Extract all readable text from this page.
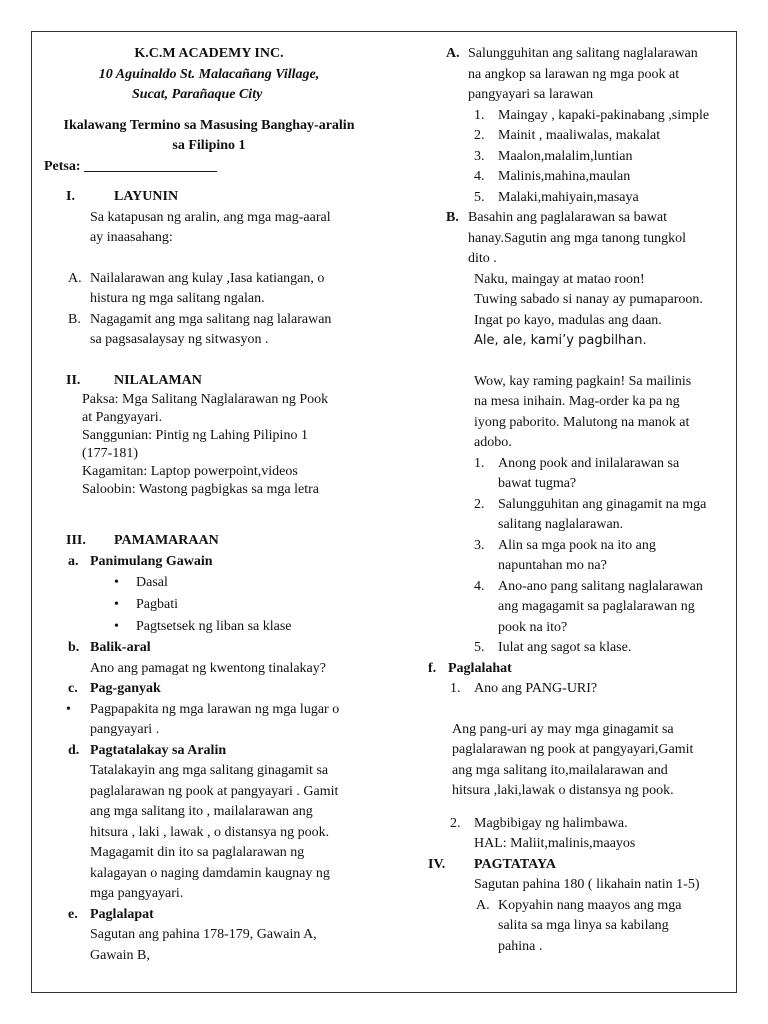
K.C.M ACADEMY INC.
10 Aguinaldo St. Malacañang Village,
Sucat, Parañaque City
Ikalawang Termino sa Masusing Banghay-aralin
sa Filipino 1
Petsa: ___________________
I.	LAYUNIN
Sa katapusan ng aralin, ang mga mag-aaral
ay inaasahang:
A. Nailalarawan ang kulay ,Iasa katiangan, o
histura ng mga salitang ngalan.
B. Nagagamit ang mga salitang nag lalarawan
sa pagsasalaysay ng sitwasyon .
II. NILALAMAN
Paksa: Mga Salitang Naglalarawan ng Pook
at Pangyayari.
Sanggunian: Pintig ng Lahing Pilipino 1
(177-181)
Kagamitan: Laptop powerpoint,videos
Saloobin: Wastong pagbigkas sa mga letra
III. PAMAMARAAN
a. Panimulang Gawain
• Dasal
• Pagbati
• Pagtsetsek ng liban sa klase
b. Balik-aral
Ano ang pamagat ng kwentong tinalakay?
c. Pag-ganyak
• Pagpapakita ng mga larawan ng mga lugar o
pangyayari .
d. Pagtatalakay sa Aralin
Tatalakayin ang mga salitang ginagamit sa
paglalarawan ng pook at pangyayari . Gamit
ang mga salitang ito , mailalarawan ang
hitsura , laki , lawak , o distansya ng pook.
Magagamit din ito sa paglalarawan ng
kalagayan o naging damdamin kaugnay ng
mga pangyayari.
e. Paglalapat
Sagutan ang pahina 178-179, Gawain A,
Gawain B,
A. Salungguhitan ang salitang naglalarawan
na angkop sa larawan ng mga pook at
pangyayari sa larawan
1. Maingay , kapaki-pakinabang ,simple
2. Mainit , maaliwalas, makalat
3. Maalon,malalim,luntian
4. Malinis,mahina,maulan
5. Malaki,mahiyain,masaya
B. Basahin ang paglalarawan sa bawat
hanay.Sagutin ang mga tanong tungkol
dito .
Naku, maingay at matao roon!
Tuwing sabado si nanay ay pumaparoon.
Ingat po kayo, madulas ang daan.
Ale, ale, kami’y pagbilhan.
Wow, kay raming pagkain! Sa mailinis
na mesa inihain. Mag-order ka pa ng
iyong paborito. Malutong na manok at
adobo.
1. Anong pook and inilalarawan sa
bawat tugma?
2. Salungguhitan ang ginagamit na mga
salitang naglalarawan.
3. Alin sa mga pook na ito ang
napuntahan mo na?
4. Ano-ano pang salitang naglalarawan
ang magagamit sa paglalarawan ng
pook na ito?
5. Iulat ang sagot sa klase.
f. Paglalahat
1. Ano ang PANG-URI?
Ang pang-uri ay may mga ginagamit sa
paglalarawan ng pook at pangyayari,Gamit
ang mga salitang ito,mailalarawan and
hitsura ,laki,lawak o distansya ng pook.
2. Magbibigay ng halimbawa.
HAL: Maliit,malinis,maayos
IV. PAGTATAYA
Sagutan pahina 180 ( likahain natin 1-5)
A. Kopyahin nang maayos ang mga
salita sa mga linya sa kabilang
pahina .
